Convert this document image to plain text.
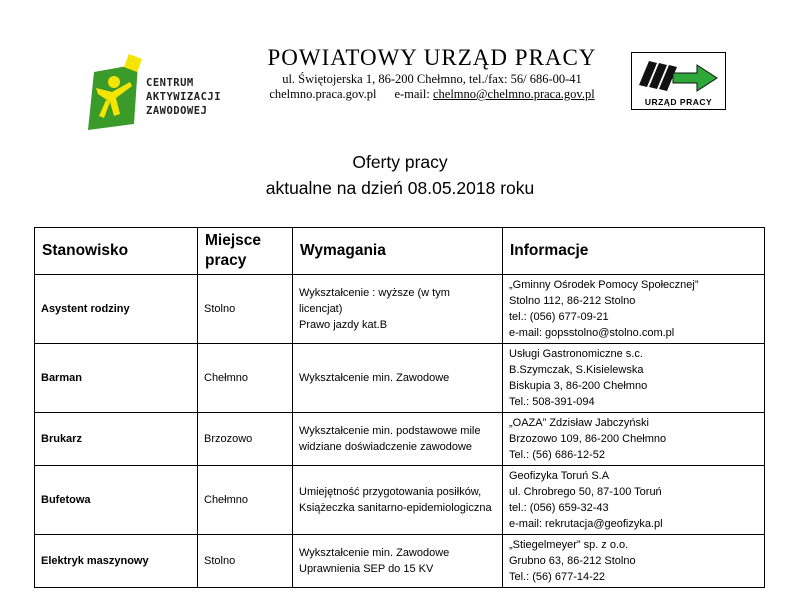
CENTRUM
AKTYWIZACJI
ZAWODOWEJ
POWIATOWY URZĄD PRACY
ul. Świętojerska 1, 86-200 Chełmno, tel./fax: 56/ 686-00-41
chelmno.praca.gov.pl e-mail: chelmno@chelmno.praca.gov.pl
URZĄD PRACY
Oferty pracy
aktualne na dzień 08.05.2018 roku
Stanowisko	Miejsce pracy	Wymagania	Informacje
Asystent rodziny	Stolno	Wykształcenie : wyższe (w tym licencjat)
Prawo jazdy kat.B	„Gminny Ośrodek Pomocy Społecznej”
Stolno 112, 86-212 Stolno
tel.: (056) 677-09-21
e-mail: gopsstolno@stolno.com.pl

Barman	Chełmno	Wykształcenie min. Zawodowe	Usługi Gastronomiczne s.c.
B.Szymczak, S.Kisielewska
Biskupia 3, 86-200 Chełmno
Tel.: 508-391-094

Brukarz	Brzozowo	Wykształcenie min. podstawowe mile widziane doświadczenie zawodowe	„OAZA” Zdzisław Jabczyński
Brzozowo 109, 86-200 Chełmno
Tel.: (56) 686-12-52

Bufetowa	Chełmno	Umiejętność przygotowania posiłków,
Książeczka sanitarno-epidemiologiczna	Geofizyka Toruń S.A
ul. Chrobrego 50, 87-100 Toruń
tel.: (056) 659-32-43
e-mail: rekrutacja@geofizyka.pl

Elektryk maszynowy	Stolno	Wykształcenie min. Zawodowe
Uprawnienia SEP do 15 KV	„Stiegelmeyer” sp. z o.o.
Grubno 63, 86-212 Stolno
Tel.: (56) 677-14-22
